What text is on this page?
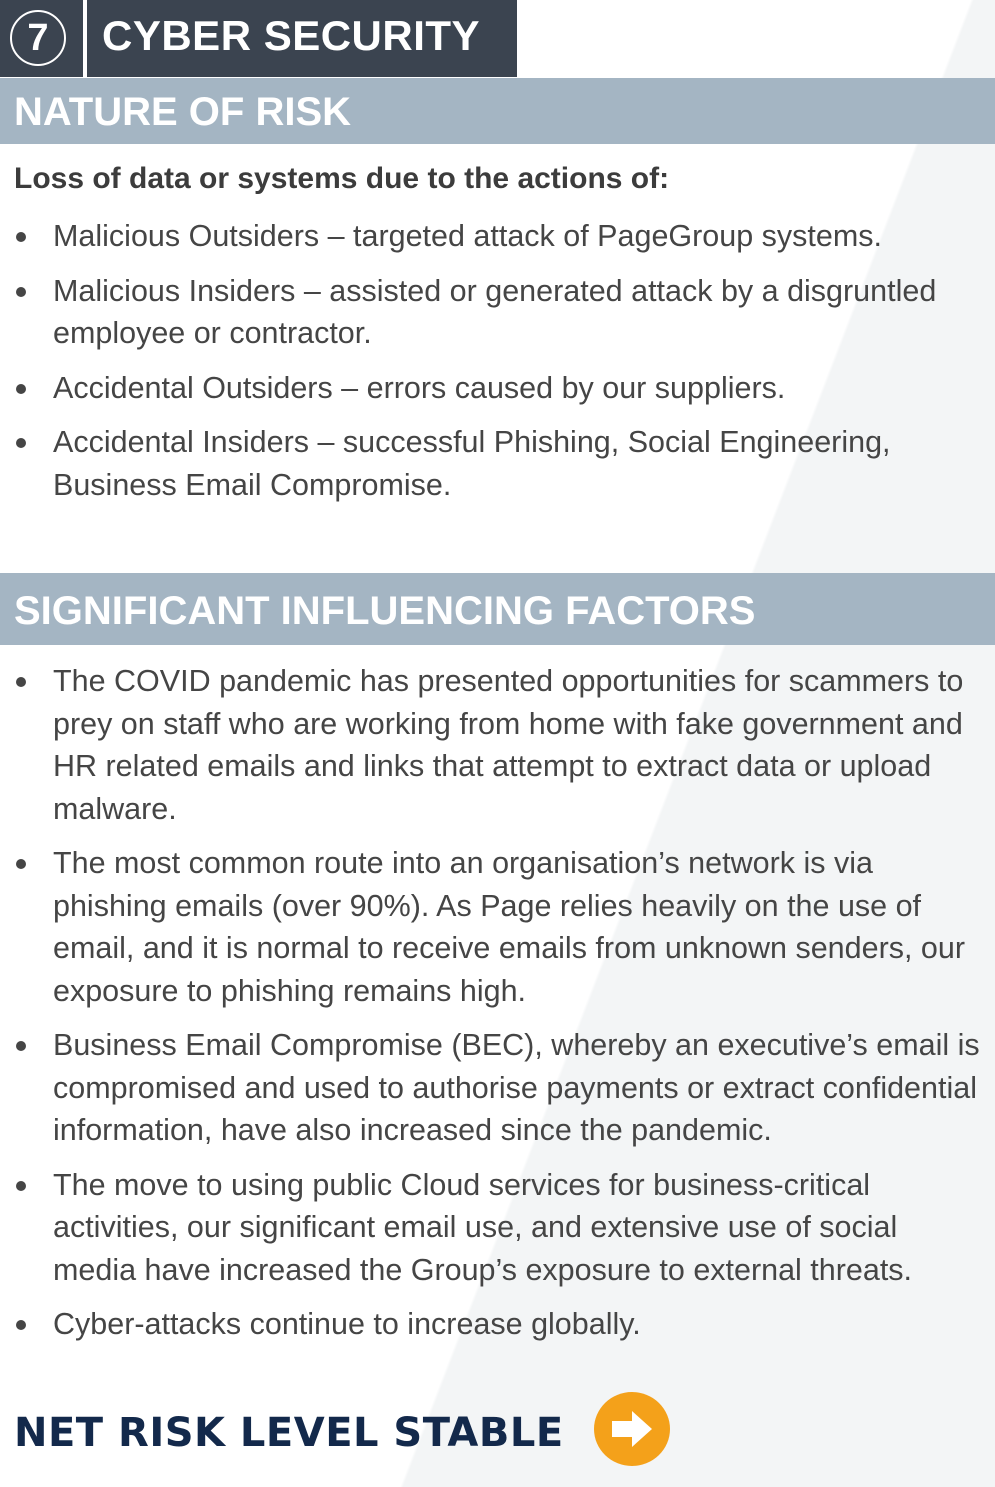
7	CYBER SECURITY
NATURE OF RISK
Loss of data or systems due to the actions of:
Malicious Outsiders – targeted attack of PageGroup systems.
Malicious Insiders – assisted or generated attack by a disgruntled employee or contractor.
Accidental Outsiders – errors caused by our suppliers.
Accidental Insiders – successful Phishing, Social Engineering, Business Email Compromise.
SIGNIFICANT INFLUENCING FACTORS
The COVID pandemic has presented opportunities for scammers to prey on staff who are working from home with fake government and HR related emails and links that attempt to extract data or upload malware.
The most common route into an organisation’s network is via phishing emails (over 90%). As Page relies heavily on the use of email, and it is normal to receive emails from unknown senders, our exposure to phishing remains high.
Business Email Compromise (BEC), whereby an executive’s email is compromised and used to authorise payments or extract confidential information, have also increased since the pandemic.
The move to using public Cloud services for business-critical activities, our significant email use, and extensive use of social media have increased the Group’s exposure to external threats.
Cyber-attacks continue to increase globally.
NET RISK LEVEL STABLE
